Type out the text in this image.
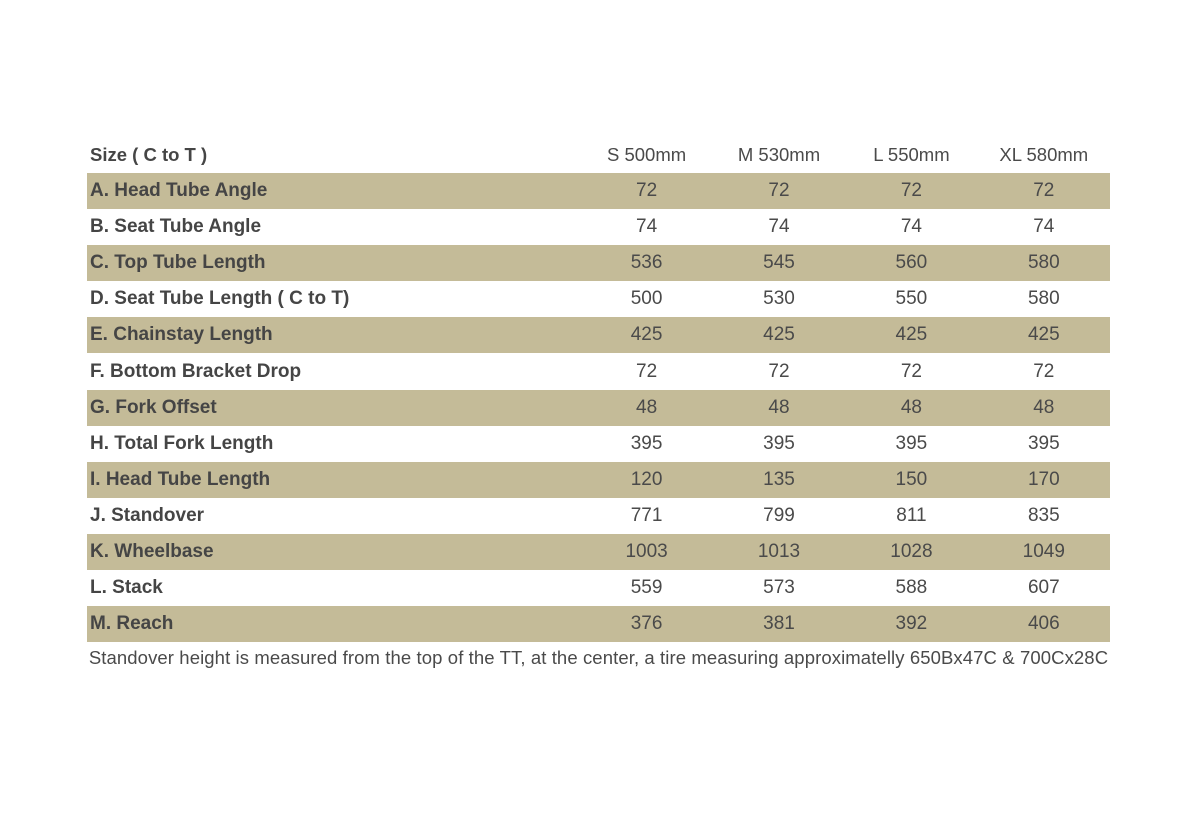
Size ( C to T )	S 500mm	M 530mm	L 550mm	XL 580mm
A. Head Tube Angle	72	72	72	72
B. Seat Tube Angle	74	74	74	74
C. Top Tube Length	536	545	560	580
D. Seat Tube Length ( C to T)	500	530	550	580
E. Chainstay Length	425	425	425	425
F. Bottom Bracket Drop	72	72	72	72
G. Fork Offset	48	48	48	48
H. Total Fork Length	395	395	395	395
I. Head Tube Length	120	135	150	170
J. Standover	771	799	811	835
K. Wheelbase	1003	1013	1028	1049
L. Stack	559	573	588	607
M. Reach	376	381	392	406
Standover height is measured from the top of the TT, at the center, a tire measuring approximatelly 650Bx47C & 700Cx28C
